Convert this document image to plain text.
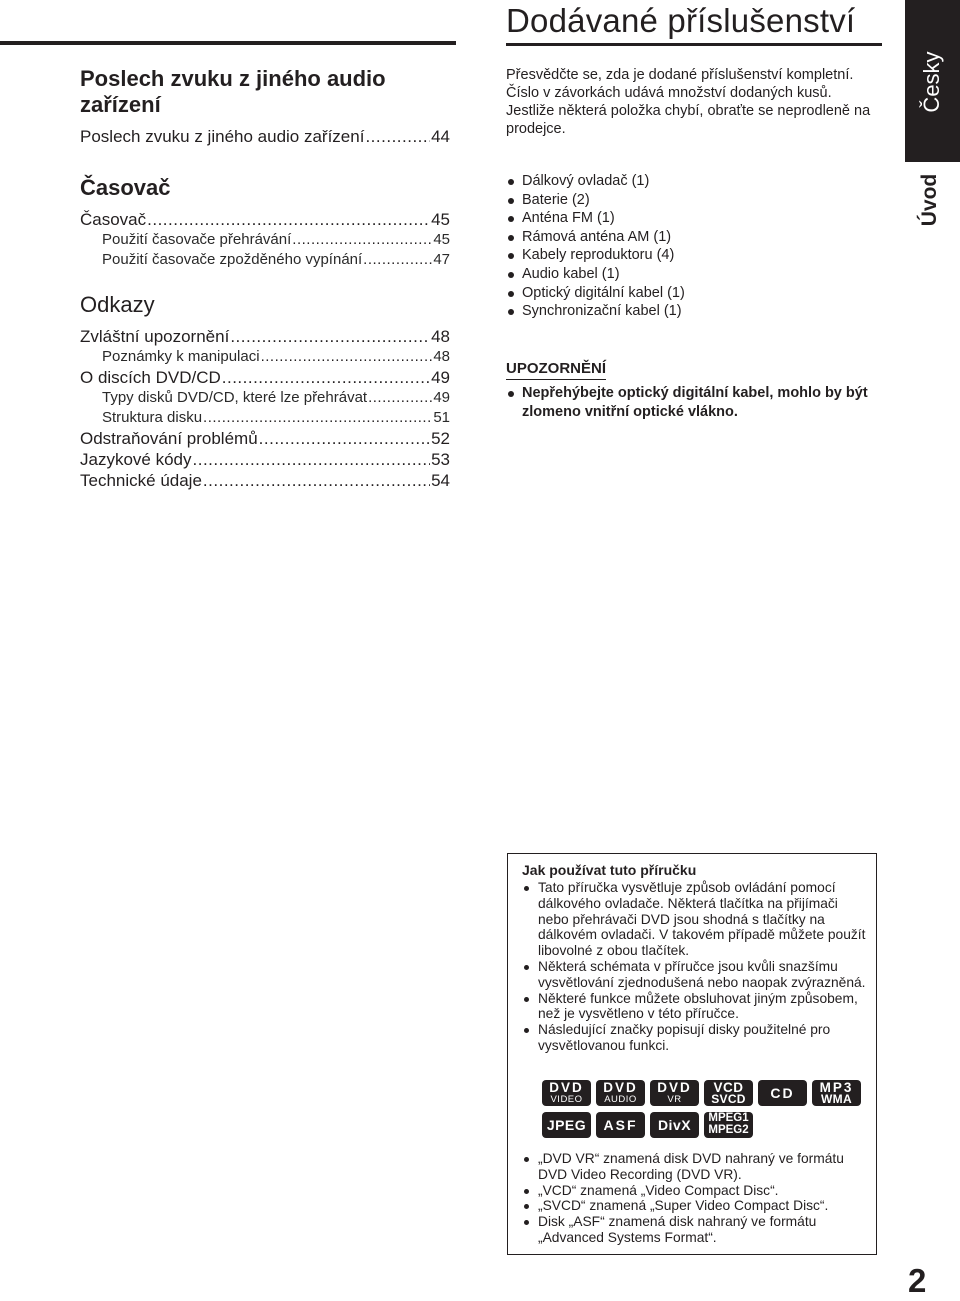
Poslech zvuku z jiného audio zařízení
Poslech zvuku z jiného audio zařízení .....	44
Časovač
Časovač .....	45
Použití časovače přehrávání .....	45
Použití časovače zpožděného vypínání .....	47
Odkazy
Zvláštní upozornění .....	48
Poznámky k manipulaci .....	48
O discích DVD/CD .....	49
Typy disků DVD/CD, které lze přehrávat .....	49
Struktura disku .....	51
Odstraňování problémů .....	52
Jazykové kódy .....	53
Technické údaje .....	54
Dodávané příslušenství

Přesvědčte se, zda je dodané příslušenství kompletní.

Číslo v závorkách udává množství dodaných kusů.

Jestliže některá položka chybí, obraťte se neprodleně na prodejce.

Dálkový ovladač (1)
Baterie (2)
Anténa FM (1)
Rámová anténa AM (1)
Kabely reproduktoru (4)
Audio kabel (1)
Optický digitální kabel (1)
Synchronizační kabel (1)
UPOZORNĚNÍ
Nepřehýbejte optický digitální kabel, mohlo by být zlomeno vnitřní optické vlákno.
Česky
Úvod
Jak používat tuto příručku
Tato příručka vysvětluje způsob ovládání pomocí dálkového ovladače. Některá tlačítka na přijímači nebo přehrávači DVD jsou shodná s tlačítky na dálkovém ovladači. V takovém případě můžete použít libovolné z obou tlačítek.
Některá schémata v příručce jsou kvůli snazšímu vysvětlování zjednodušená nebo naopak zvýrazněná.
Některé funkce můžete obsluhovat jiným způsobem, než je vysvětleno v této příručce.
Následující značky popisují disky použitelné pro vysvětlovanou funkci.
DVD
VIDEO
DVD
AUDIO
DVD
VR
VCD
SVCD	CD	MP3
WMA
JPEG	ASF	DivX	MPEG1
MPEG2
„DVD VR“ znamená disk DVD nahraný ve formátu DVD Video Recording (DVD VR).
„VCD“ znamená „Video Compact Disc“.
„SVCD“ znamená „Super Video Compact Disc“.
Disk „ASF“ znamená disk nahraný ve formátu „Advanced Systems Format“.
2
